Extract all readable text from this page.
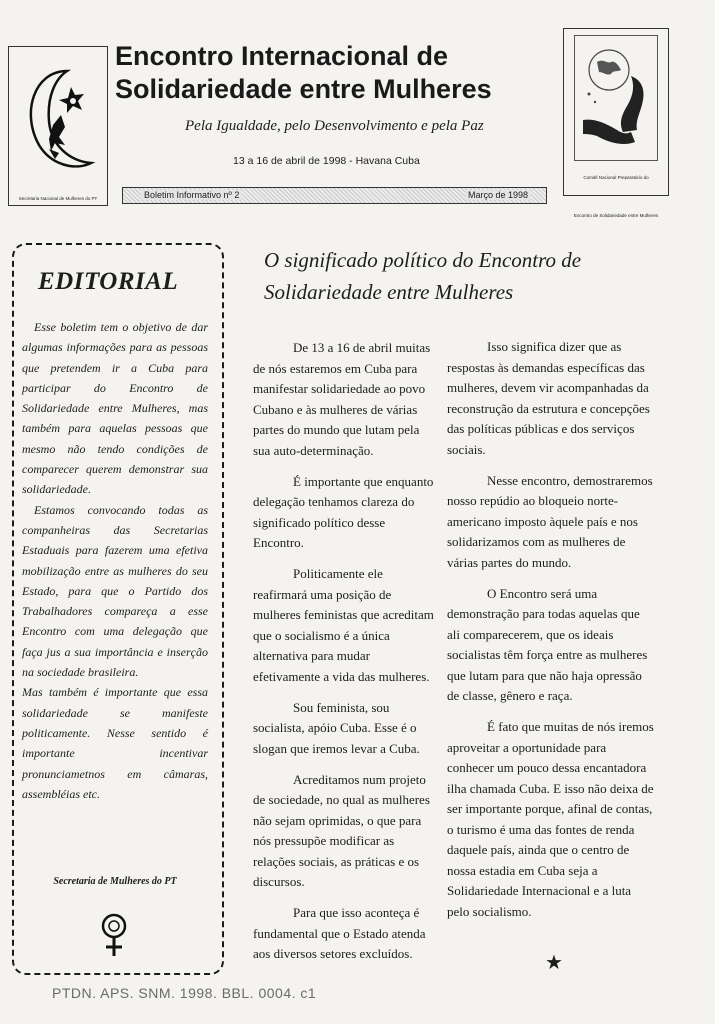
Secretaria Nacional de Mulheres do PT
Encontro Internacional de Solidariedade entre Mulheres
Pela Igualdade, pelo Desenvolvimento e pela Paz
13 a 16 de abril de 1998 - Havana Cuba
Boletim Informativo nº 2	Março de 1998
Comitê Nacional Preparatório do
Encontro de Solidariedade entre Mulheres
EDITORIAL

Esse boletim tem o objetivo de dar algumas informações para as pessoas que pretendem ir a Cuba para participar do Encontro de Solidariedade entre Mulheres, mas também para aquelas pessoas que mesmo não tendo condições de comparecer querem demonstrar sua solidariedade.

Estamos convocando todas as companheiras das Secretarias Estaduais para fazerem uma efetiva mobilização entre as mulheres do seu Estado, para que o Partido dos Trabalhadores compareça a esse Encontro com uma delegação que faça jus a sua importância e inserção na sociedade brasileira.

Mas também é importante que essa solidariedade se manifeste politicamente. Nesse sentido é importante incentivar pronunciametnos em câmaras, assembléias etc.

Secretaria de Mulheres do PT
O significado político do Encontro de Solidariedade entre Mulheres

De 13 a 16 de abril muitas de nós estaremos em Cuba para manifestar solidariedade ao povo Cubano e às mulheres de várias partes do mundo que lutam pela sua auto-determinação.

É importante que enquanto delegação tenhamos clareza do significado político desse Encontro.

Politicamente ele reafirmará uma posição de mulheres feministas que acreditam que o socialismo é a única alternativa para mudar efetivamente a vida das mulheres.

Sou feminista, sou socialista, apóio Cuba. Esse é o slogan que iremos levar a Cuba.

Acreditamos num projeto de sociedade, no qual as mulheres não sejam oprimidas, o que para nós pressupõe modificar as relações sociais, as práticas e os discursos.

Para que isso aconteça é fundamental que o Estado atenda aos diversos setores excluídos.

Isso significa dizer que as respostas às demandas específicas das mulheres, devem vir acompanhadas da reconstrução da estrutura e concepções das políticas públicas e dos serviços sociais.

Nesse encontro, demostraremos nosso repúdio ao bloqueio norte-americano imposto àquele país e nos solidarizamos com as mulheres de várias partes do mundo.

O Encontro será uma demonstração para todas aquelas que ali comparecerem, que os ideais socialistas têm força entre as mulheres que lutam para que não haja opressão de classe, gênero e raça.

É fato que muitas de nós iremos aproveitar a oportunidade para conhecer um pouco dessa encantadora ilha chamada Cuba. E isso não deixa de ser importante porque, afinal de contas, o turismo é uma das fontes de renda daquele país, ainda que o centro de nossa estadia em Cuba seja a Solidariedade Internacional e a luta pelo socialismo.

★
PTDN. APS. SNM. 1998. BBL. 0004. c1
